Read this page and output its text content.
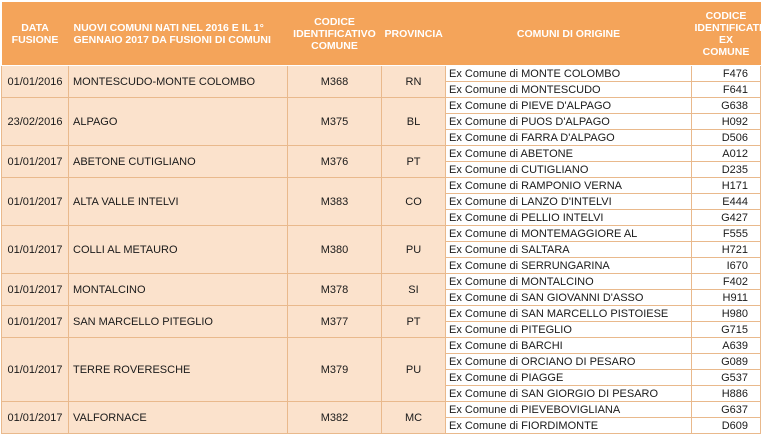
DATA FUSIONE	NUOVI COMUNI NATI NEL 2016 E IL 1° GENNAIO 2017 DA FUSIONI DI COMUNI	CODICE IDENTIFICATIVO COMUNE	PROVINCIA	COMUNI DI ORIGINE	CODICE IDENTIFICATIVO EX COMUNE
01/01/2016	MONTESCUDO-MONTE COLOMBO	M368	RN	Ex Comune di MONTE COLOMBO	F476
				Ex Comune di MONTESCUDO	F641
23/02/2016	ALPAGO	M375	BL	Ex Comune di PIEVE D'ALPAGO	G638
				Ex Comune di PUOS D'ALPAGO	H092
				Ex Comune di FARRA D'ALPAGO	D506
01/01/2017	ABETONE CUTIGLIANO	M376	PT	Ex Comune di ABETONE	A012
				Ex Comune di CUTIGLIANO	D235
01/01/2017	ALTA VALLE INTELVI	M383	CO	Ex Comune di RAMPONIO VERNA	H171
				Ex Comune di LANZO D'INTELVI	E444
				Ex Comune di PELLIO INTELVI	G427
01/01/2017	COLLI AL METAURO	M380	PU	Ex Comune di MONTEMAGGIORE AL	F555
				Ex Comune di SALTARA	H721
				Ex Comune di SERRUNGARINA	I670
01/01/2017	MONTALCINO	M378	SI	Ex Comune di MONTALCINO	F402
				Ex Comune di SAN GIOVANNI D'ASSO	H911
01/01/2017	SAN MARCELLO PITEGLIO	M377	PT	Ex Comune di SAN MARCELLO PISTOIESE	H980
				Ex Comune di PITEGLIO	G715
01/01/2017	TERRE ROVERESCHE	M379	PU	Ex Comune di BARCHI	A639
				Ex Comune di ORCIANO DI PESARO	G089
				Ex Comune di PIAGGE	G537
				Ex Comune di SAN GIORGIO DI PESARO	H886
01/01/2017	VALFORNACE	M382	MC	Ex Comune di PIEVEBOVIGLIANA	G637
				Ex Comune di FIORDIMONTE	D609
